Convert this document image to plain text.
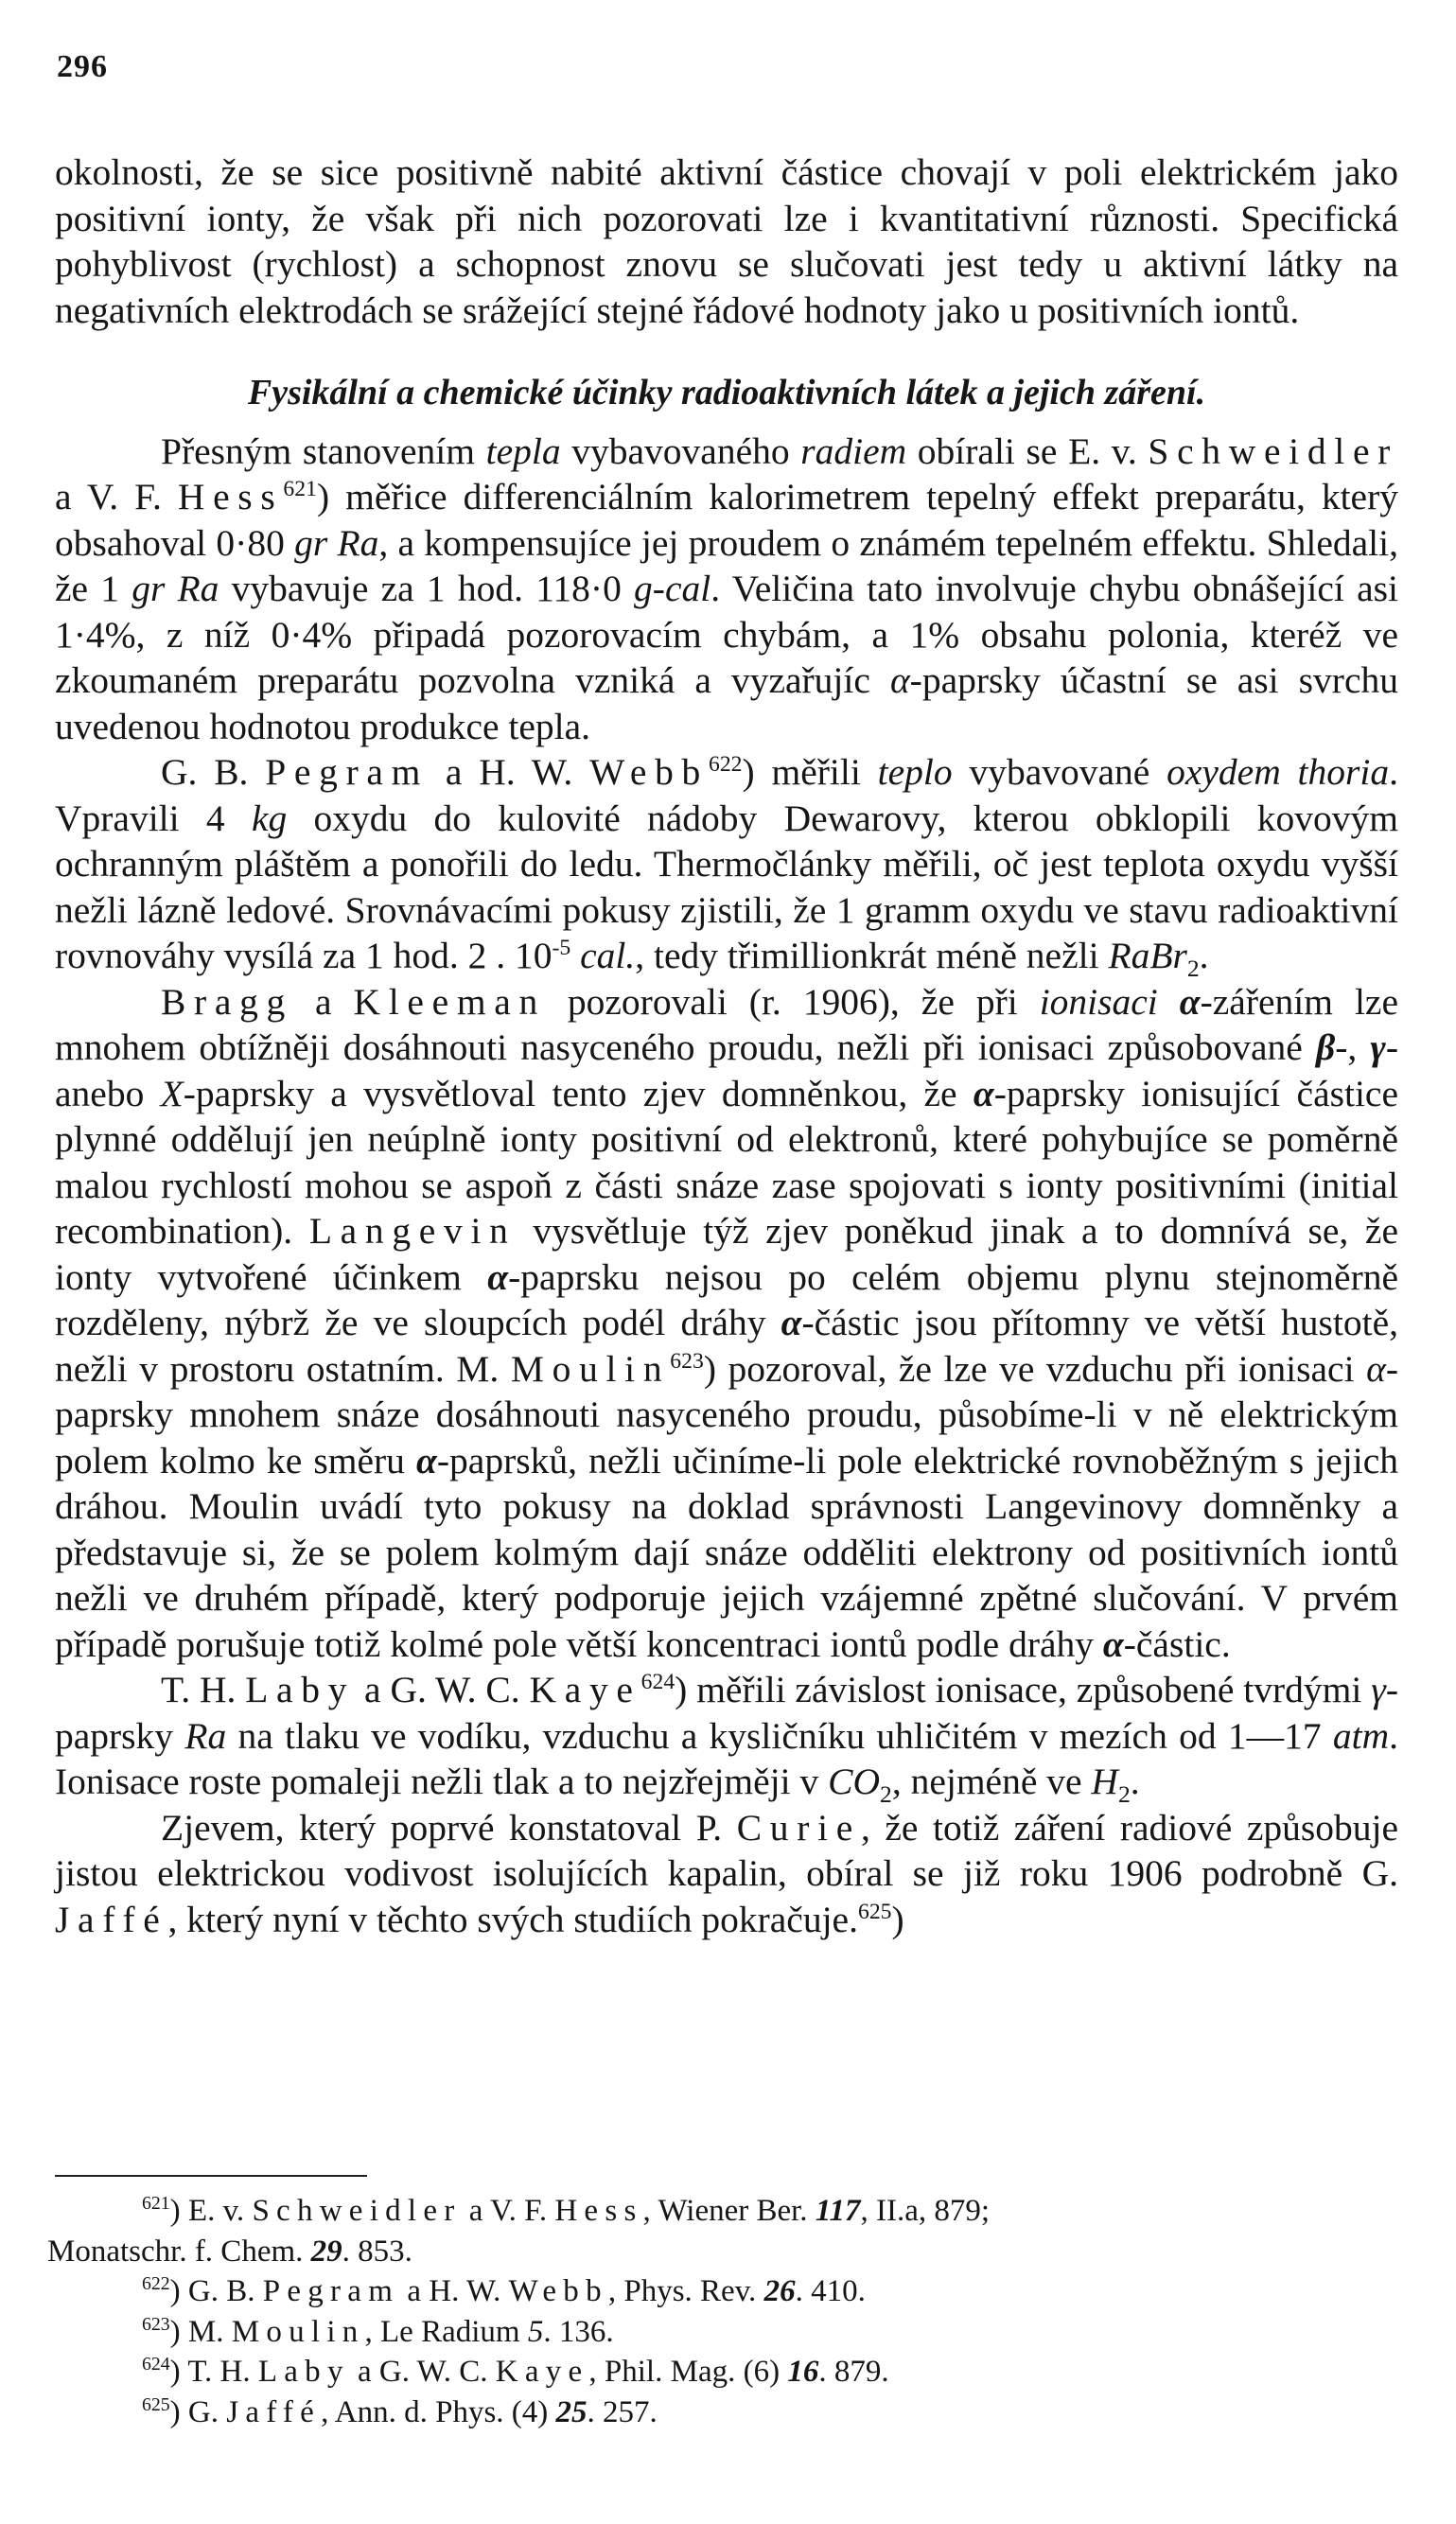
296

okolnosti, že se sice positivně nabité aktivní částice chovají v poli elektrickém jako positivní ionty, že však při nich pozorovati lze i kvantitativní různosti. Specifická pohyblivost (rychlost) a schopnost znovu se slučovati jest tedy u aktivní látky na negativních elektrodách se srážející stejné řádové hodnoty jako u positivních iontů.

Fysikální a chemické účinky radioaktivních látek a jejich záření.

Přesným stanovením tepla vybavovaného radiem obírali se E. v. Schweidler a V. F. Hess$^{621}$) měřice differenciálním kalorimetrem tepelný effekt preparátu, který obsahoval 0·80 gr Ra, a kompensujíce jej proudem o známém tepelném effektu. Shledali, že 1 gr Ra vybavuje za 1 hod. 118·0 g-cal. Veličina tato involvuje chybu obnášející asi 1·4%, z níž 0·4% připadá pozorovacím chybám, a 1% obsahu polonia, kteréž ve zkoumaném preparátu pozvolna vzniká a vyzařujíc α-paprsky účastní se asi svrchu uvedenou hodnotou produkce tepla.

G. B. Pegram a H. W. Webb$^{622}$) měřili teplo vybavované oxydem thoria. Vpravili 4 kg oxydu do kulovité nádoby Dewarovy, kterou obklopili kovovým ochranným pláštěm a ponořili do ledu. Thermočlánky měřili, oč jest teplota oxydu vyšší nežli lázně ledové. Srovnávacími pokusy zjistili, že 1 gramm oxydu ve stavu radioaktivní rovnováhy vysílá za 1 hod. 2 . $10^{-5}$ cal., tedy třimillionkrát méně nežli RaBr$_2$.

Bragg a Kleeman pozorovali (r. 1906), že při ionisaci α-zářením lze mnohem obtížněji dosáhnouti nasyceného proudu, nežli při ionisaci způsobované β-, γ- anebo X-paprsky a vysvětloval tento zjev domněnkou, že α-paprsky ionisující částice plynné oddělují jen neúplně ionty positivní od elektronů, které pohybujíce se poměrně malou rychlostí mohou se aspoň z části snáze zase spojovati s ionty positivními (initial recombination). Langevin vysvětluje týž zjev poněkud jinak a to domnívá se, že ionty vytvořené účinkem α-paprsku nejsou po celém objemu plynu stejnoměrně rozděleny, nýbrž že ve sloupcích podél dráhy α-částic jsou přítomny ve větší hustotě, nežli v prostoru ostatním. M. Moulin$^{623}$) pozoroval, že lze ve vzduchu při ionisaci α-paprsky mnohem snáze dosáhnouti nasyceného proudu, působíme-li v ně elektrickým polem kolmo ke směru α-paprsků, nežli učiníme-li pole elektrické rovnoběžným s jejich dráhou. Moulin uvádí tyto pokusy na doklad správnosti Langevinovy domněnky a představuje si, že se polem kolmým dají snáze odděliti elektrony od positivních iontů nežli ve druhém případě, který podporuje jejich vzájemné zpětné slučování. V prvém případě porušuje totiž kolmé pole větší koncentraci iontů podle dráhy α-částic.

T. H. Laby a G. W. C. Kaye$^{624}$) měřili závislost ionisace, způsobené tvrdými γ-paprsky Ra na tlaku ve vodíku, vzduchu a kysličníku uhličitém v mezích od 1—17 atm. Ionisace roste pomaleji nežli tlak a to nejzřejměji v $CO_2$, nejméně ve $H_2$.

Zjevem, který poprvé konstatoval P. Curie, že totiž záření radiové způsobuje jistou elektrickou vodivost isolujících kapalin, obíral se již roku 1906 podrobně G. Jaffé, který nyní v těchto svých studiích pokračuje.$^{625}$)

$^{621}$) E. v. Schweidler a V. F. Hess, Wiener Ber. 117, II.a, 879;

Monatschr. f. Chem. 29. 853.

$^{622}$) G. B. Pegram a H. W. Webb, Phys. Rev. 26. 410.

$^{623}$) M. Moulin, Le Radium 5. 136.

$^{624}$) T. H. Laby a G. W. C. Kaye, Phil. Mag. (6) 16. 879.

$^{625}$) G. Jaffé, Ann. d. Phys. (4) 25. 257.
